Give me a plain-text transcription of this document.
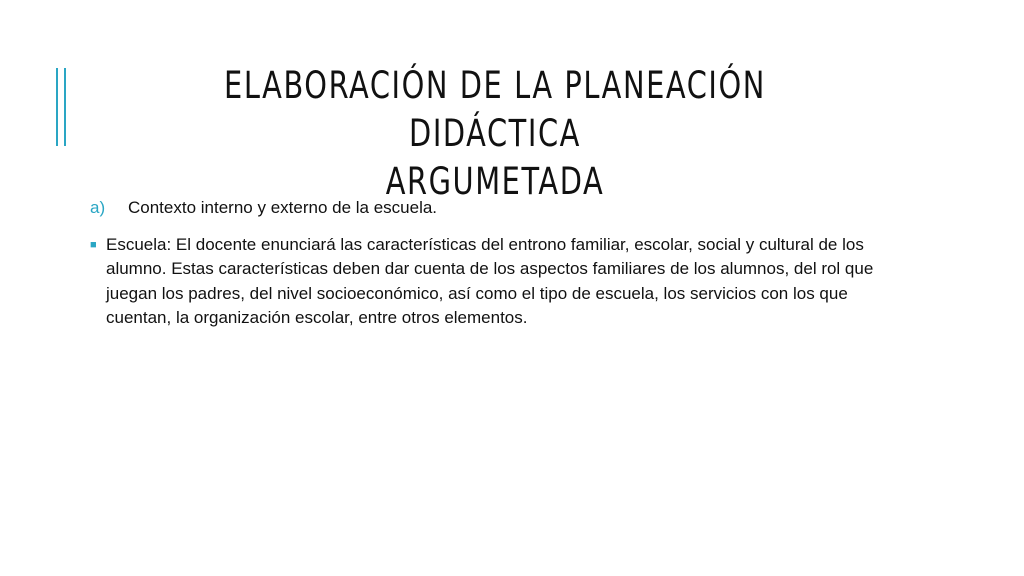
ELABORACIÓN DE LA PLANEACIÓN DIDÁCTICA
ARGUMETADA
a)	Contexto interno y externo de la escuela.
■ Escuela: El docente enunciará las características del entrono familiar, escolar, social y cultural de los alumno. Estas características deben dar cuenta de los aspectos familiares de los alumnos, del rol que juegan los padres, del nivel socioeconómico, así como el tipo de escuela, los servicios con los que cuentan, la organización escolar, entre otros elementos.
